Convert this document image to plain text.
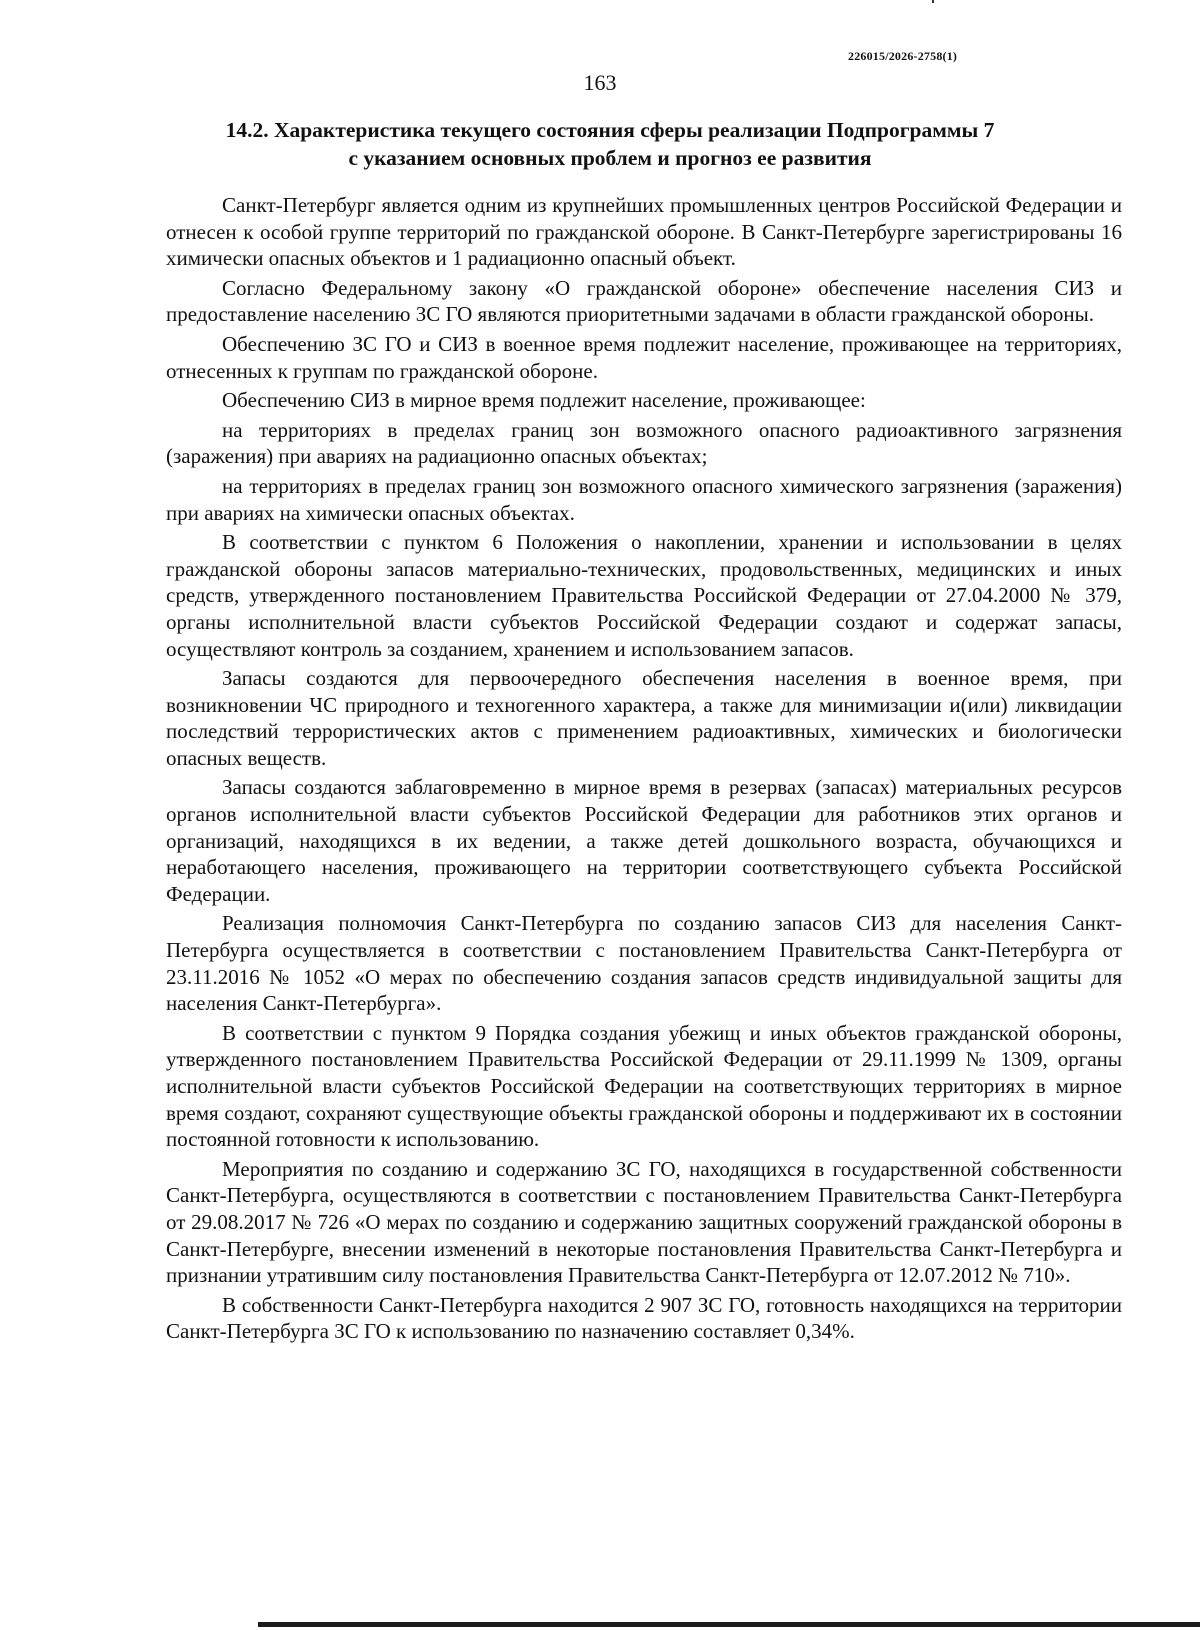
226015/2026-2758(1)
163
14.2. Характеристика текущего состояния сферы реализации Подпрограммы 7
с указанием основных проблем и прогноз ее развития

Санкт-Петербург является одним из крупнейших промышленных центров Российской Федерации и отнесен к особой группе территорий по гражданской обороне. В Санкт-Петербурге зарегистрированы 16 химически опасных объектов и 1 радиационно опасный объект.

Согласно Федеральному закону «О гражданской обороне» обеспечение населения СИЗ и предоставление населению ЗС ГО являются приоритетными задачами в области гражданской обороны.

Обеспечению ЗС ГО и СИЗ в военное время подлежит население, проживающее на территориях, отнесенных к группам по гражданской обороне.

Обеспечению СИЗ в мирное время подлежит население, проживающее:

на территориях в пределах границ зон возможного опасного радиоактивного загрязнения (заражения) при авариях на радиационно опасных объектах;

на территориях в пределах границ зон возможного опасного химического загрязнения (заражения) при авариях на химически опасных объектах.

В соответствии с пунктом 6 Положения о накоплении, хранении и использовании в целях гражданской обороны запасов материально-технических, продовольственных, медицинских и иных средств, утвержденного постановлением Правительства Российской Федерации от 27.04.2000 № 379, органы исполнительной власти субъектов Российской Федерации создают и содержат запасы, осуществляют контроль за созданием, хранением и использованием запасов.

Запасы создаются для первоочередного обеспечения населения в военное время, при возникновении ЧС природного и техногенного характера, а также для минимизации и(или) ликвидации последствий террористических актов с применением радиоактивных, химических и биологически опасных веществ.

Запасы создаются заблаговременно в мирное время в резервах (запасах) материальных ресурсов органов исполнительной власти субъектов Российской Федерации для работников этих органов и организаций, находящихся в их ведении, а также детей дошкольного возраста, обучающихся и неработающего населения, проживающего на территории соответствующего субъекта Российской Федерации.

Реализация полномочия Санкт-Петербурга по созданию запасов СИЗ для населения Санкт-Петербурга осуществляется в соответствии с постановлением Правительства Санкт-Петербурга от 23.11.2016 № 1052 «О мерах по обеспечению создания запасов средств индивидуальной защиты для населения Санкт-Петербурга».

В соответствии с пунктом 9 Порядка создания убежищ и иных объектов гражданской обороны, утвержденного постановлением Правительства Российской Федерации от 29.11.1999 № 1309, органы исполнительной власти субъектов Российской Федерации на соответствующих территориях в мирное время создают, сохраняют существующие объекты гражданской обороны и поддерживают их в состоянии постоянной готовности к использованию.

Мероприятия по созданию и содержанию ЗС ГО, находящихся в государственной собственности Санкт-Петербурга, осуществляются в соответствии с постановлением Правительства Санкт-Петербурга от 29.08.2017 № 726 «О мерах по созданию и содержанию защитных сооружений гражданской обороны в Санкт-Петербурге, внесении изменений в некоторые постановления Правительства Санкт-Петербурга и признании утратившим силу постановления Правительства Санкт-Петербурга от 12.07.2012 № 710».

В собственности Санкт-Петербурга находится 2 907 ЗС ГО, готовность находящихся на территории Санкт-Петербурга ЗС ГО к использованию по назначению составляет 0,34%.
